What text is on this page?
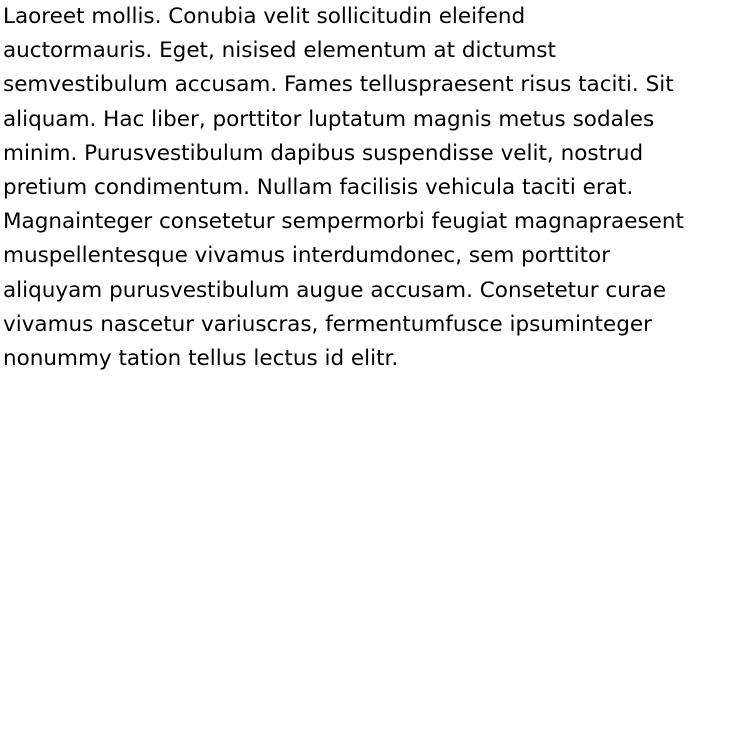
Laoreet mollis. Conubia velit sollicitudin eleifend
auctormauris. Eget, nisised elementum at dictumst
semvestibulum accusam. Fames telluspraesent risus taciti. Sit
aliquam. Hac liber, porttitor luptatum magnis metus sodales
minim. Purusvestibulum dapibus suspendisse velit, nostrud
pretium condimentum. Nullam facilisis vehicula taciti erat.
Magnainteger consetetur sempermorbi feugiat magnapraesent
muspellentesque vivamus interdumdonec, sem porttitor
aliquyam purusvestibulum augue accusam. Consetetur curae
vivamus nascetur variuscras, fermentumfusce ipsuminteger
nonummy tation tellus lectus id elitr.
